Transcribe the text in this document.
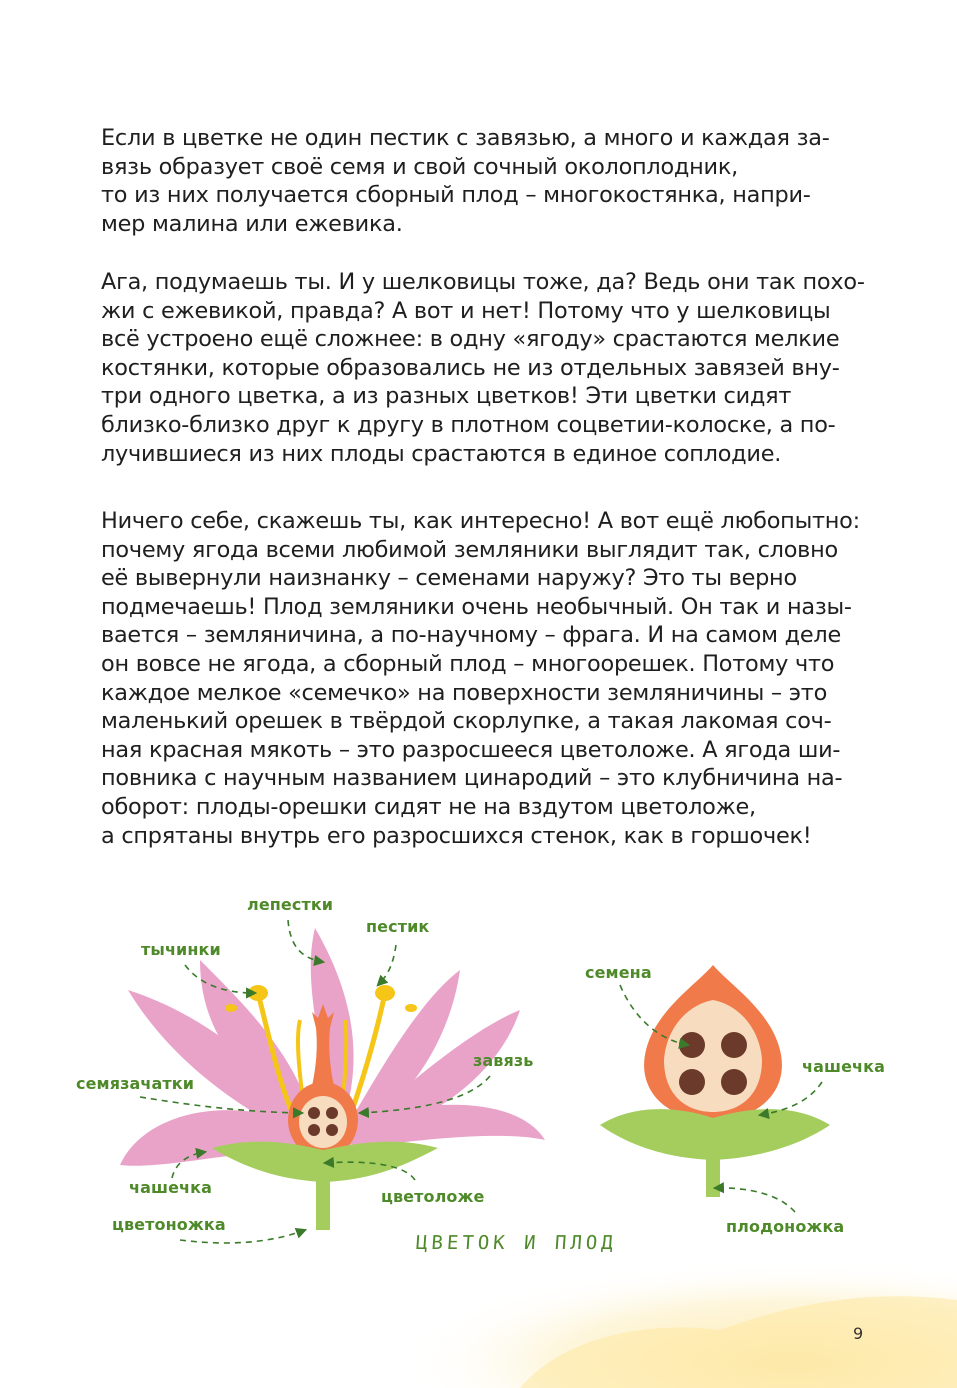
Если в цветке не один пестик с завязью, а много и каждая за-
вязь образует своё семя и свой сочный околоплодник,
то из них получается сборный плод – многокостянка, напри-
мер малина или ежевика.

Ага, подумаешь ты. И у шелковицы тоже, да? Ведь они так похо-
жи с ежевикой, правда? А вот и нет! Потому что у шелковицы
всё устроено ещё сложнее: в одну «ягоду» срастаются мелкие
костянки, которые образовались не из отдельных завязей вну-
три одного цветка, а из разных цветков! Эти цветки сидят
близко-близко друг к другу в плотном соцветии-колоске, а по-
лучившиеся из них плоды срастаются в единое соплодие.

Ничего себе, скажешь ты, как интересно! А вот ещё любопытно:
почему ягода всеми любимой земляники выглядит так, словно
её вывернули наизнанку – семенами наружу? Это ты верно
подмечаешь! Плод земляники очень необычный. Он так и назы-
вается – земляничина, а по-научному – фрага. И на самом деле
он вовсе не ягода, а сборный плод – многоорешек. Потому что
каждое мелкое «семечко» на поверхности земляничины – это
маленький орешек в твёрдой скорлупке, а такая лакомая соч-
ная красная мякоть – это разросшееся цветоложе. А ягода ши-
повника с научным названием цинародий – это клубничина на-
оборот: плоды-орешки сидят не на вздутом цветоложе,
а спрятаны внутрь его разросшихся стенок, как в горшочек!

лепестки
пестик
тычинки
семязачатки
завязь
чашечка	цветоложе
цветоножка
семена
чашечка
плодоножка
ЦВЕТОК И ПЛОД
9
